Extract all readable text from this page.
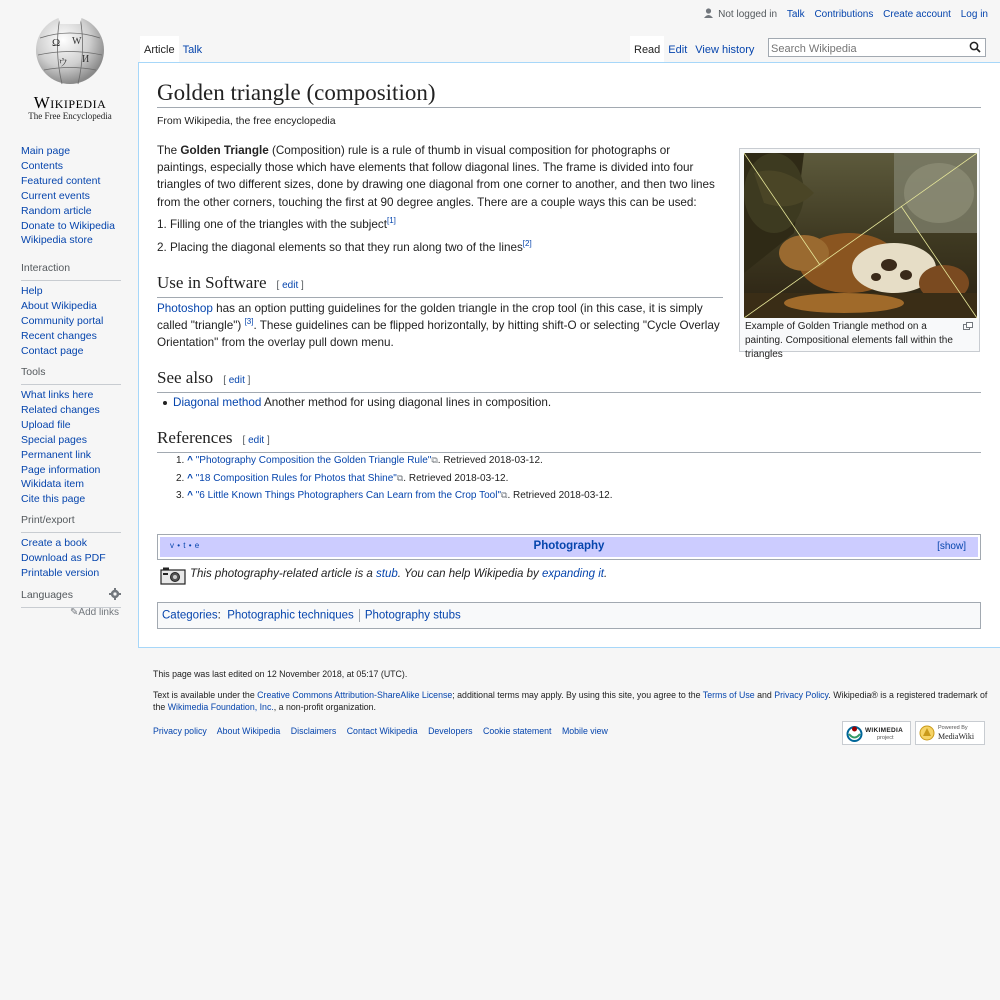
Ω W
И
ウ
Wikipedia
The Free Encyclopedia
Main page
Contents
Featured content
Current events
Random article
Donate to Wikipedia
Wikipedia store
Interaction
Help
About Wikipedia
Community portal
Recent changes
Contact page
Tools
What links here
Related changes
Upload file
Special pages
Permanent link
Page information
Wikidata item
Cite this page
Print/export
Create a book
Download as PDF
Printable version
Languages
✎Add links
Not logged in Talk Contributions Create account Log in
Article Talk	Read Edit View history
Search Wikipedia
Golden triangle (composition)
From Wikipedia, the free encyclopedia
The Golden Triangle (Composition) rule is a rule of thumb in visual composition for photographs or paintings, especially those which have elements that follow diagonal lines. The frame is divided into four triangles of two different sizes, done by drawing one diagonal from one corner to another, and then two lines from the other corners, touching the first at 90 degree angles. There are a couple ways this can be used:
1. Filling one of the triangles with the subject[1]
2. Placing the diagonal elements so that they run along two of the lines[2]
Example of Golden Triangle method on a painting. Compositional elements fall within the triangles
Use in Software [ edit ]
Photoshop has an option putting guidelines for the golden triangle in the crop tool (in this case, it is simply called "triangle") [3]. These guidelines can be flipped horizontally, by hitting shift-O or selecting "Cycle Overlay Orientation" from the overlay pull down menu.
See also [ edit ]
Diagonal method Another method for using diagonal lines in composition.
References [ edit ]
1. ^ "Photography Composition the Golden Triangle Rule"⧉. Retrieved 2018-03-12.
2. ^ "18 Composition Rules for Photos that Shine"⧉. Retrieved 2018-03-12.
3. ^ "6 Little Known Things Photographers Can Learn from the Crop Tool"⧉. Retrieved 2018-03-12.
v • t • e	Photography	[show]
This photography-related article is a stub. You can help Wikipedia by expanding it.
Categories: Photographic techniques Photography stubs
This page was last edited on 12 November 2018, at 05:17 (UTC).
Text is available under the Creative Commons Attribution-ShareAlike License; additional terms may apply. By using this site, you agree to the Terms of Use and Privacy Policy. Wikipedia® is a registered trademark of the Wikimedia Foundation, Inc., a non-profit organization.
Privacy policy About Wikipedia Disclaimers Contact Wikipedia Developers Cookie statement Mobile view	WIKIMEDIA
project
Powered By
MediaWiki
